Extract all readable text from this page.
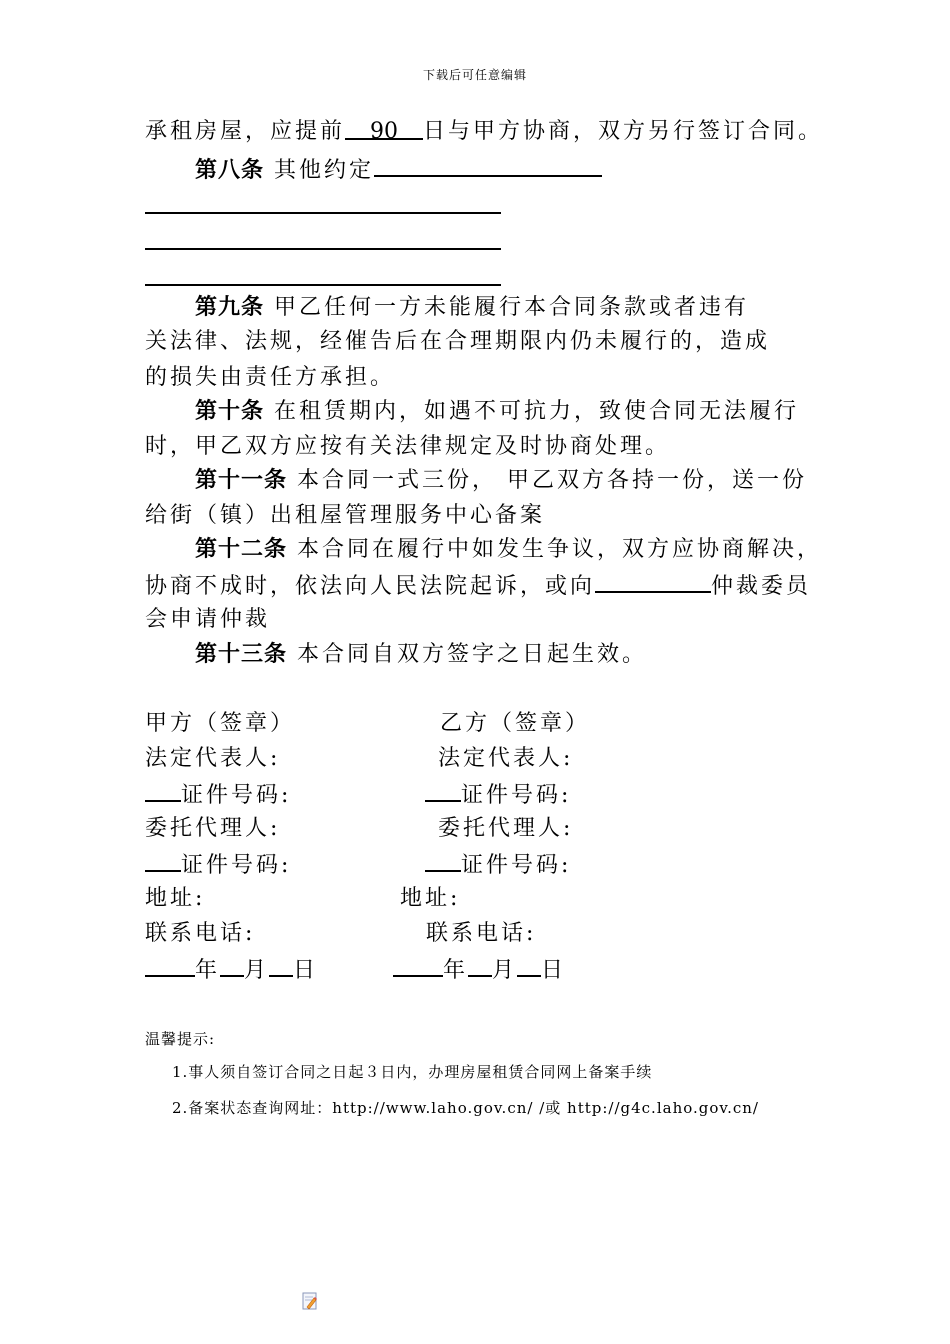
下载后可任意编辑
承租房屋，应提前 90 日与甲方协商，双方另行签订合同。
第八条 其他约定
第九条 甲乙任何一方未能履行本合同条款或者违有
关法律、法规，经催告后在合理期限内仍未履行的，造成
的损失由责任方承担。
第十条 在租赁期内，如遇不可抗力，致使合同无法履行
时，甲乙双方应按有关法律规定及时协商处理。
第十一条 本合同一式三份， 甲乙双方各持一份，送一份
给街（镇）出租屋管理服务中心备案
第十二条 本合同在履行中如发生争议，双方应协商解决，
协商不成时，依法向人民法院起诉，或向	仲裁委员
会申请仲裁
第十三条 本合同自双方签字之日起生效。
甲方（签章）
法定代表人:
证件号码:
委托代理人:
证件号码:
地址:
联系电话:
年 月 日
乙方（签章）
法定代表人:
证件号码:
委托代理人:
证件号码:
地址:
联系电话:
年 月 日
温馨提示:
1.事人须自签订合同之日起３日内，办理房屋租赁合同网上备案手续
2.备案状态查询网址：http://www.laho.gov.cn/ /或 http://g4c.laho.gov.cn/
